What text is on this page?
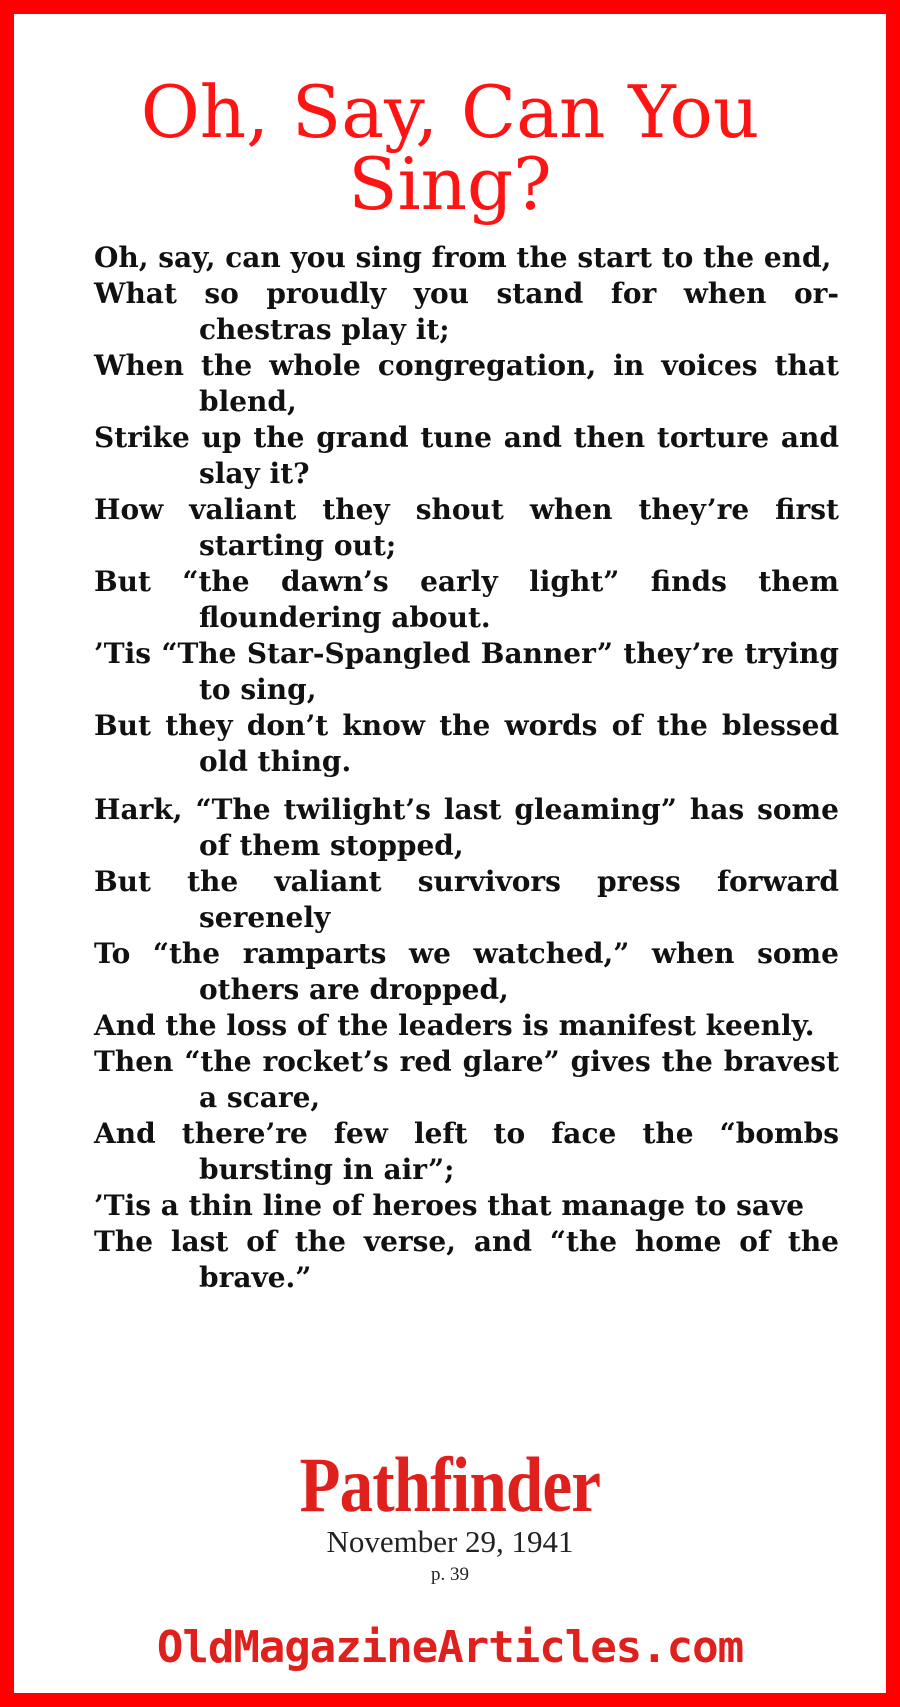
Oh, Say, Can You Sing?

Oh, say, can you sing from the start to the end,

What so proudly you stand for when or-chestras play it;

When the whole congregation, in voices that blend,

Strike up the grand tune and then torture and slay it?

How valiant they shout when they’re first starting out;

But “the dawn’s early light” finds them floundering about.

’Tis “The Star-Spangled Banner” they’re trying to sing,

But they don’t know the words of the blessed old thing.

Hark, “The twilight’s last gleaming” has some of them stopped,

But the valiant survivors press forward serenely

To “the ramparts we watched,” when some others are dropped,

And the loss of the leaders is manifest keenly.

Then “the rocket’s red glare” gives the bravest a scare,

And there’re few left to face the “bombs bursting in air”;

’Tis a thin line of heroes that manage to save

The last of the verse, and “the home of the brave.”

Pathfinder
November 29, 1941
p. 39
OldMagazineArticles.com
